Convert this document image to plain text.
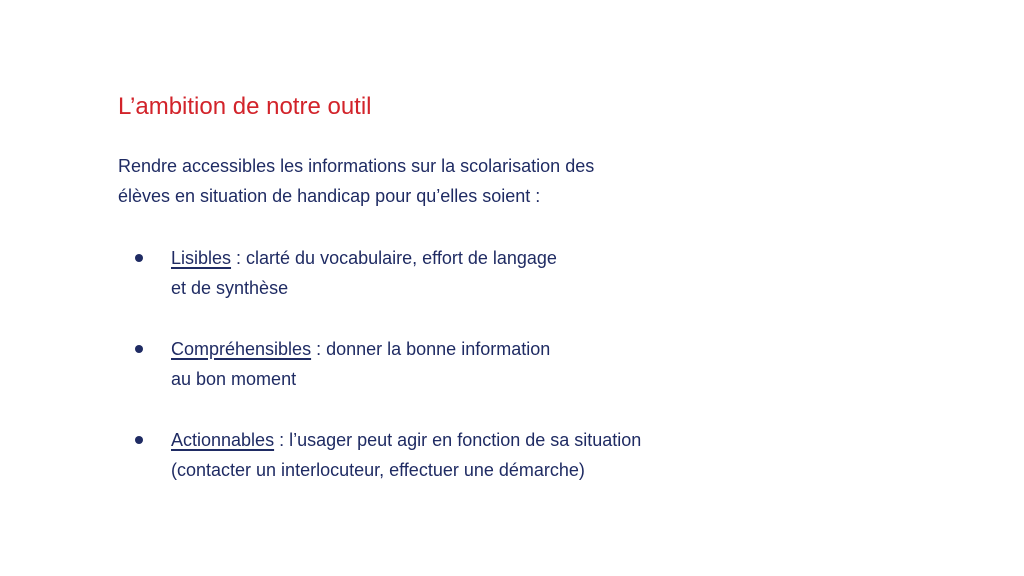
L’ambition de notre outil
Rendre accessibles les informations sur la scolarisation des
élèves en situation de handicap pour qu’elles soient :
Lisibles : clarté du vocabulaire, effort de langage
et de synthèse
Compréhensibles : donner la bonne information
au bon moment
Actionnables : l’usager peut agir en fonction de sa situation
(contacter un interlocuteur, effectuer une démarche)
